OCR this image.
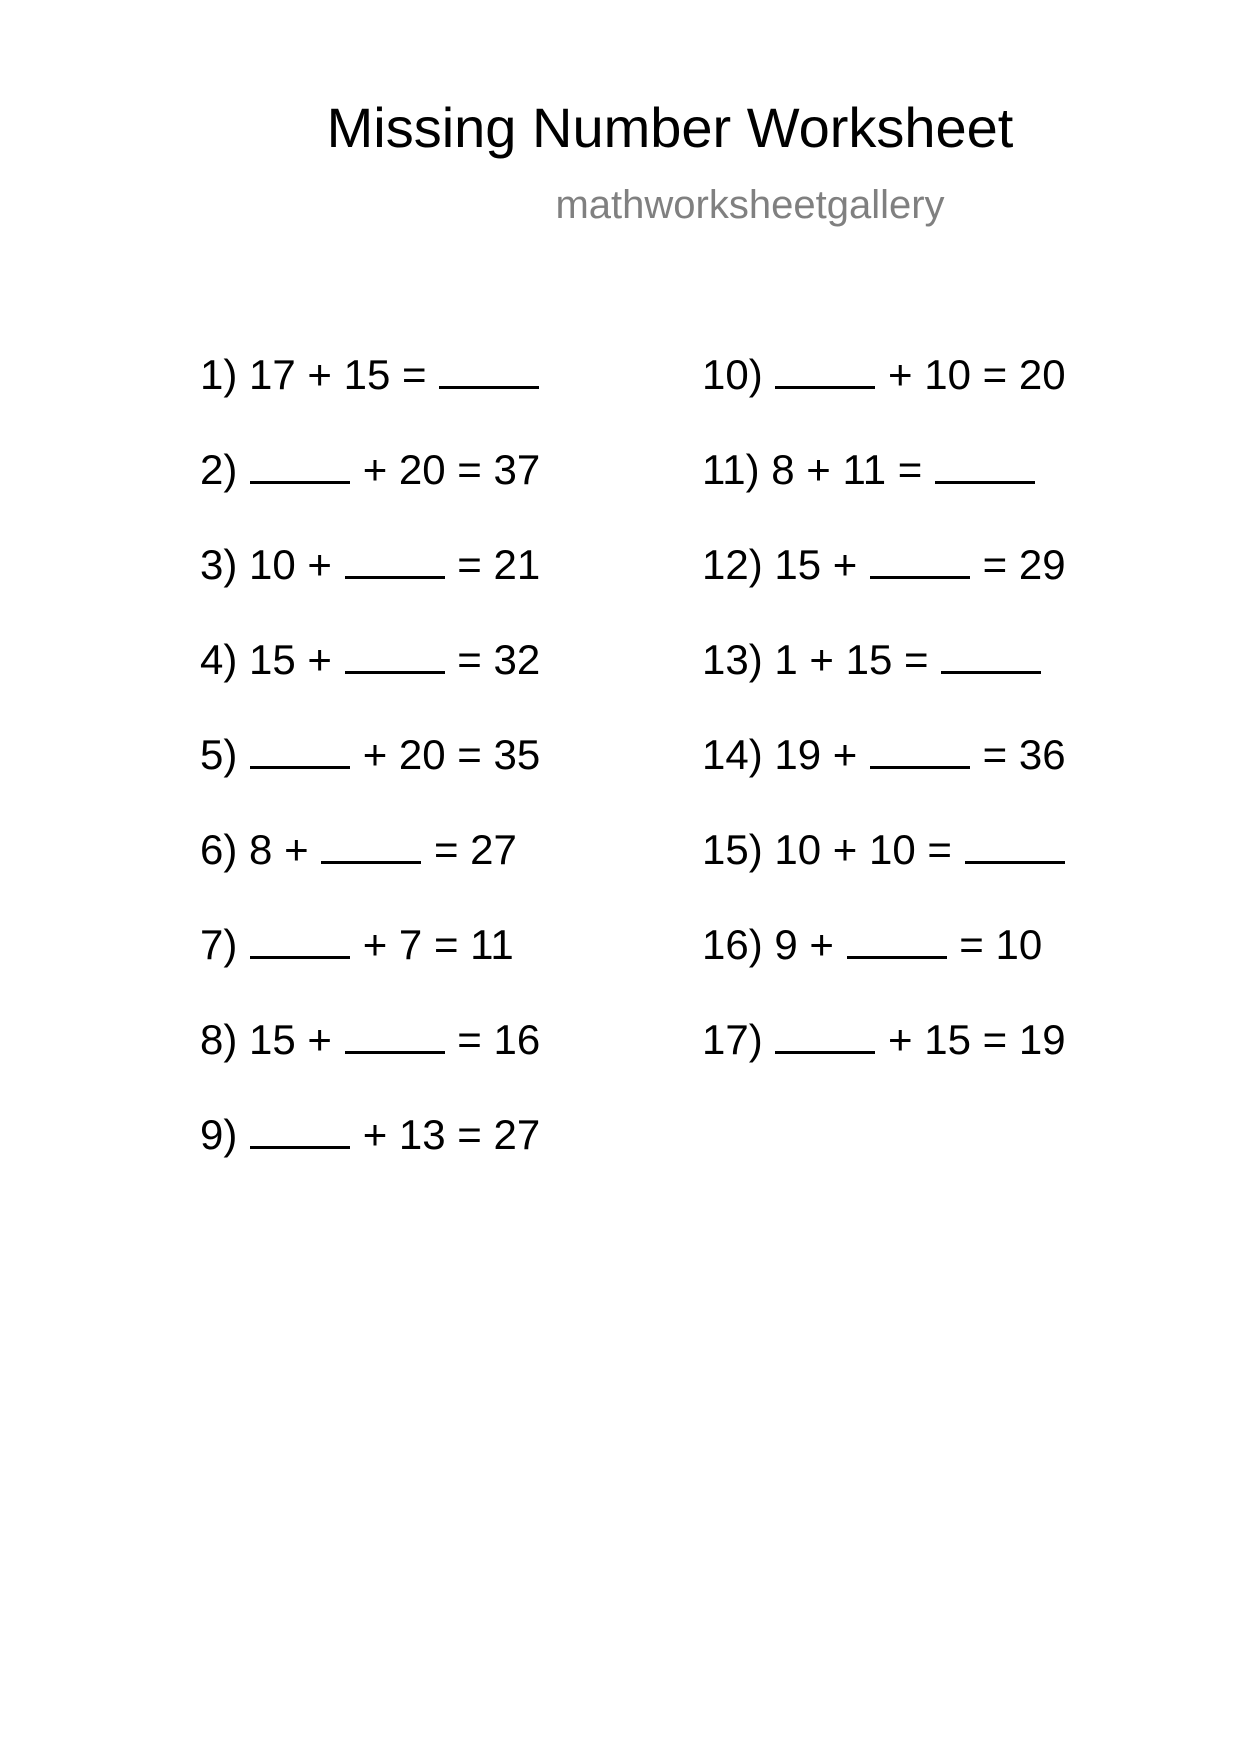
Missing Number Worksheet
mathworksheetgallery
1) 17 + 15 =
2)	+ 20 = 37
3) 10 +	= 21
4) 15 +	= 32
5)	+ 20 = 35
6) 8 +	= 27
7)	+ 7 = 11
8) 15 +	= 16
9)	+ 13 = 27
10)	+ 10 = 20
11) 8 + 11 =
12) 15 +	= 29
13) 1 + 15 =
14) 19 +	= 36
15) 10 + 10 =
16) 9 +	= 10
17)	+ 15 = 19
